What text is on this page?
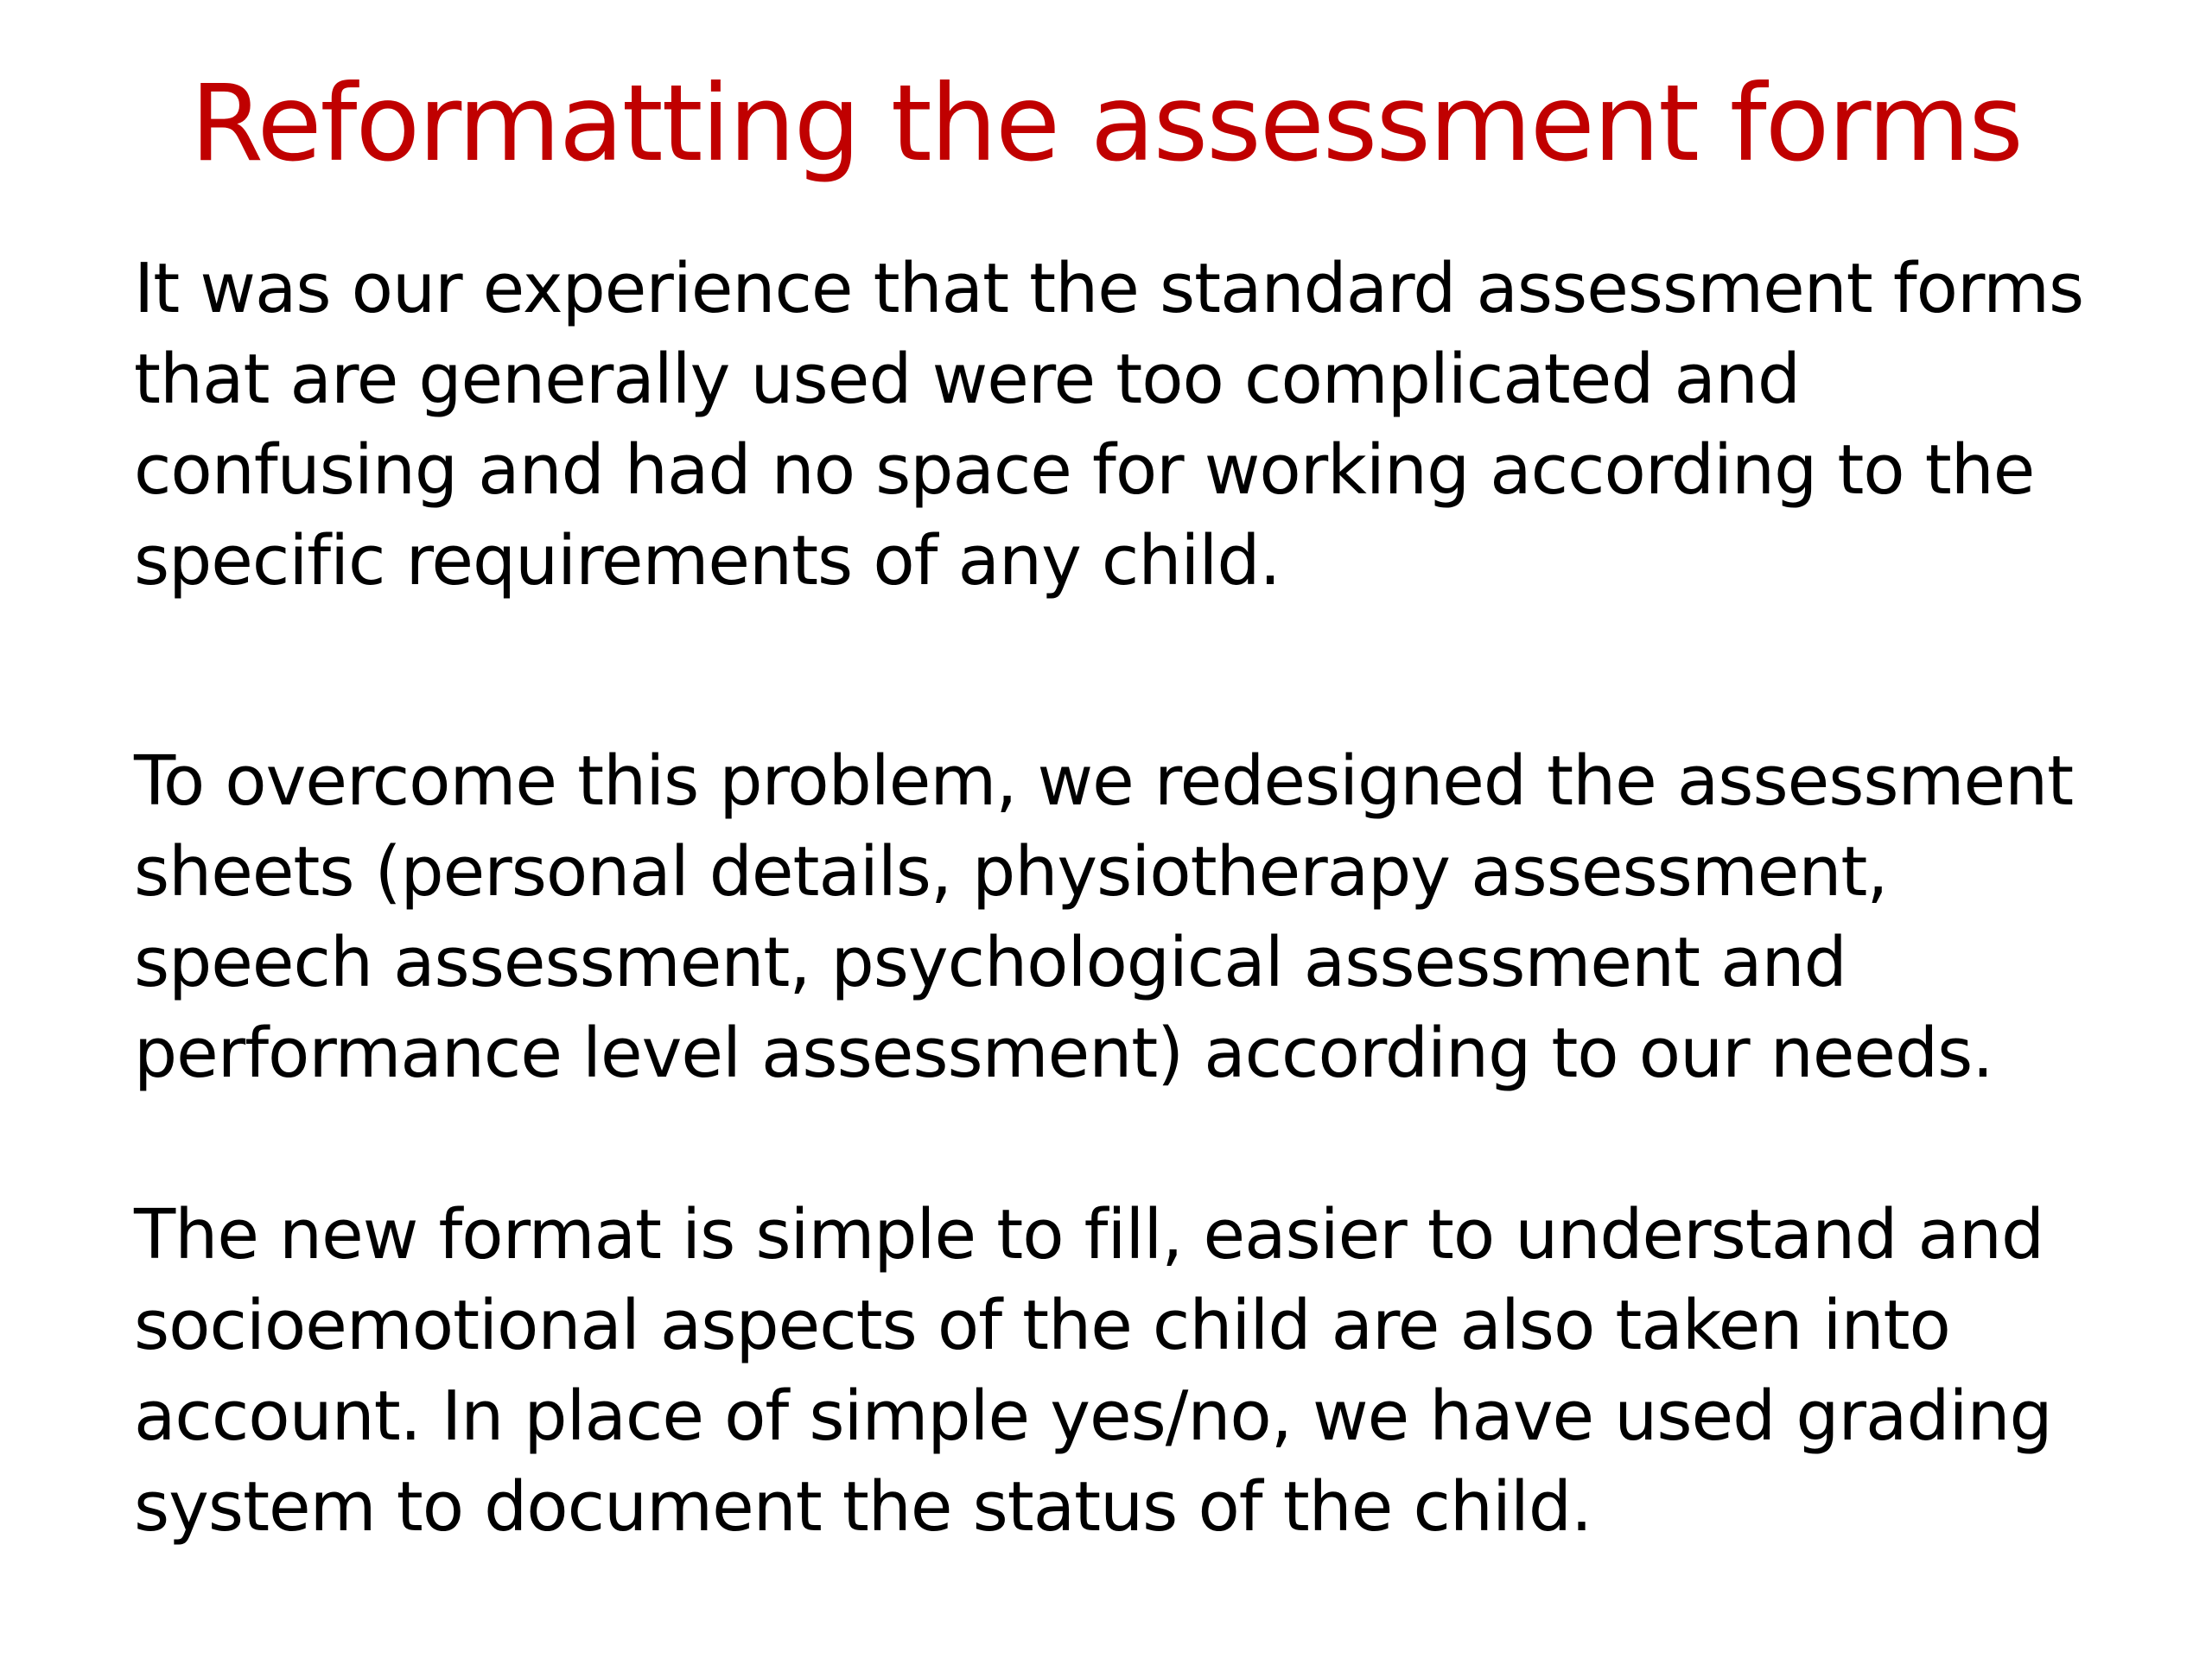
Reformatting the assessment forms

It was our experience that the standard assessment forms
that are generally used were too complicated and
confusing and had no space for working according to the
specific requirements of any child.

To overcome this problem, we redesigned the assessment
sheets (personal details, physiotherapy assessment,
speech assessment, psychological assessment and
performance level assessment) according to our needs.

The new format is simple to fill, easier to understand and
socioemotional aspects of the child are also taken into
account. In place of simple yes/no, we have used grading
system to document the status of the child.
